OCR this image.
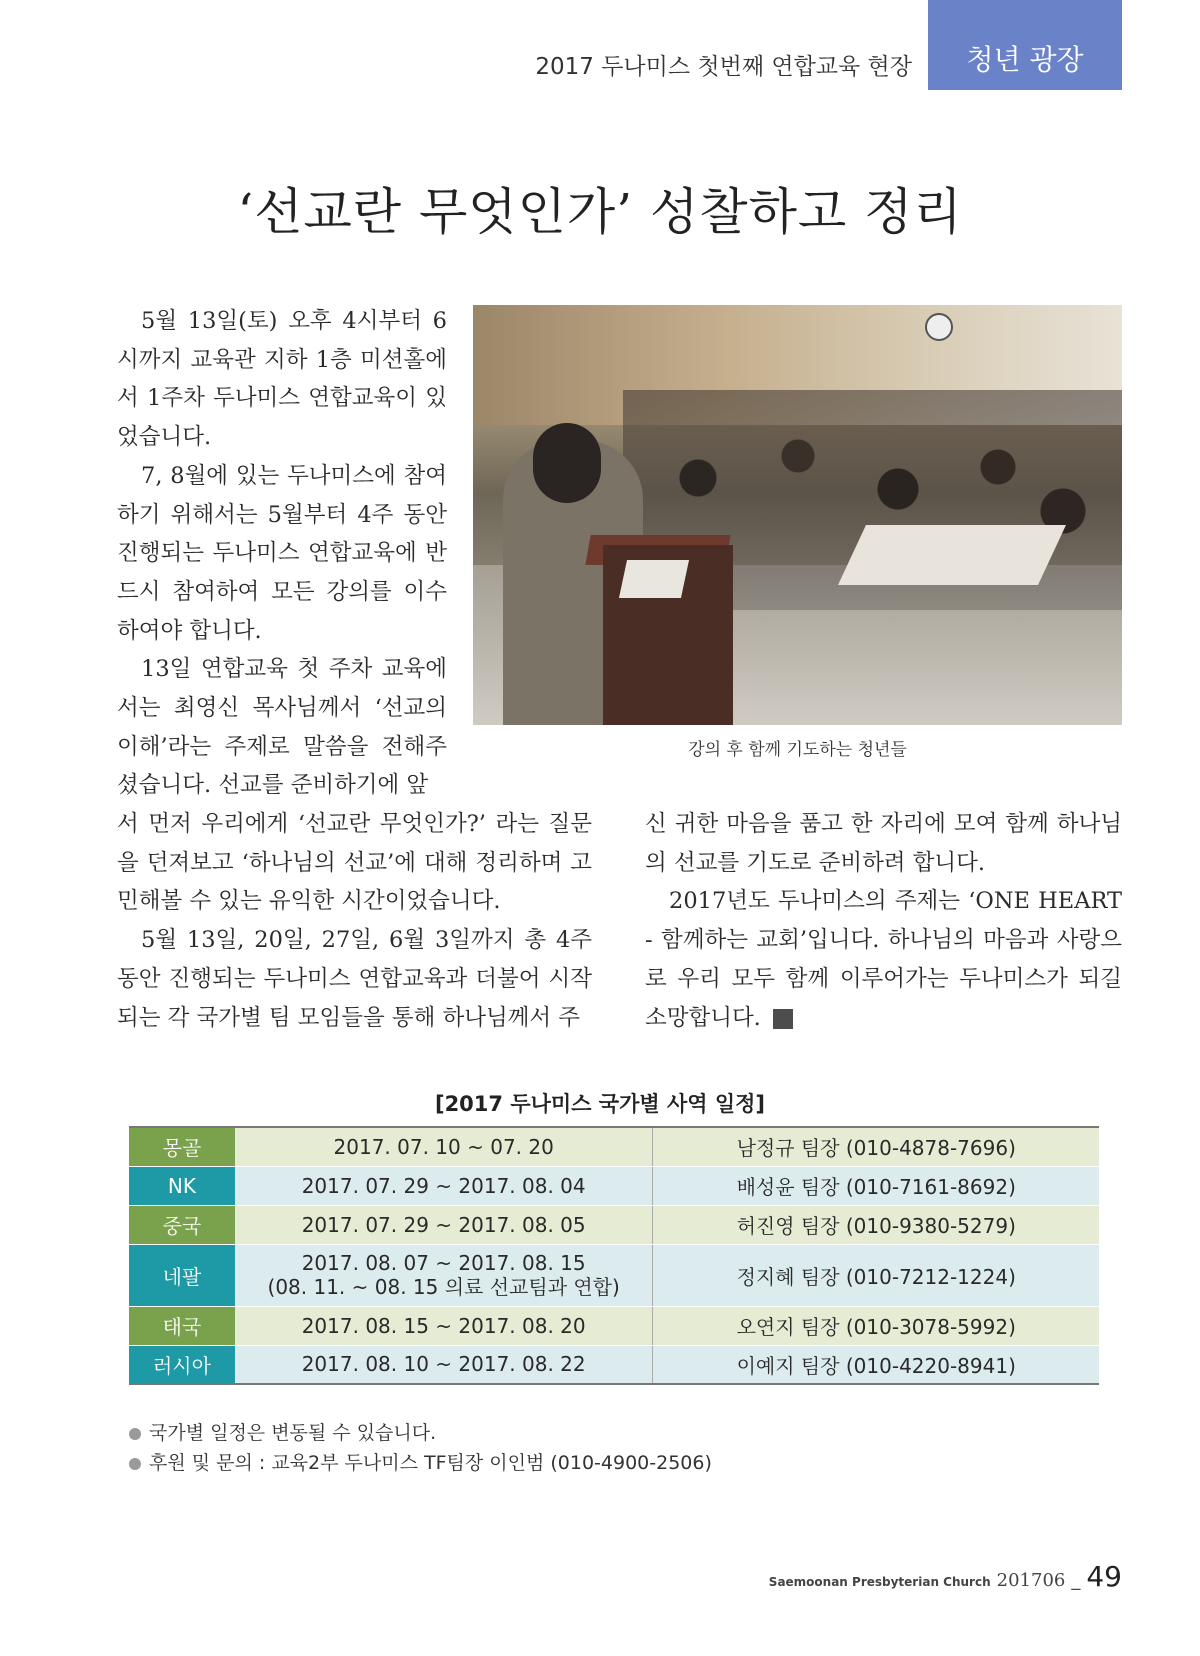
2017 두나미스 첫번째 연합교육 현장 청년 광장
‘선교란 무엇인가’ 성찰하고 정리

5월 13일(토) 오후 4시부터 6시까지 교육관 지하 1층 미션홀에서 1주차 두나미스 연합교육이 있었습니다.

7, 8월에 있는 두나미스에 참여하기 위해서는 5월부터 4주 동안 진행되는 두나미스 연합교육에 반드시 참여하여 모든 강의를 이수하여야 합니다.

13일 연합교육 첫 주차 교육에서는 최영신 목사님께서 ‘선교의 이해’라는 주제로 말씀을 전해주셨습니다. 선교를 준비하기에 앞

강의 후 함께 기도하는 청년들

서 먼저 우리에게 ‘선교란 무엇인가?’ 라는 질문을 던져보고 ‘하나님의 선교’에 대해 정리하며 고민해볼 수 있는 유익한 시간이었습니다.

5월 13일, 20일, 27일, 6월 3일까지 총 4주 동안 진행되는 두나미스 연합교육과 더불어 시작되는 각 국가별 팀 모임들을 통해 하나님께서 주

신 귀한 마음을 품고 한 자리에 모여 함께 하나님의 선교를 기도로 준비하려 합니다.

2017년도 두나미스의 주제는 ‘ONE HEART - 함께하는 교회’입니다. 하나님의 마음과 사랑으로 우리 모두 함께 이루어가는 두나미스가 되길 소망합니다.	새

[2017 두나미스 국가별 사역 일정]
몽골	2017. 07. 10 ~ 07. 20	남정규 팀장 (010-4878-7696)
NK	2017. 07. 29 ~ 2017. 08. 04	배성윤 팀장 (010-7161-8692)
중국	2017. 07. 29 ~ 2017. 08. 05	허진영 팀장 (010-9380-5279)
네팔	2017. 08. 07 ~ 2017. 08. 15
(08. 11. ~ 08. 15 의료 선교팀과 연합)	정지혜 팀장 (010-7212-1224)
태국	2017. 08. 15 ~ 2017. 08. 20	오연지 팀장 (010-3078-5992)
러시아	2017. 08. 10 ~ 2017. 08. 22	이예지 팀장 (010-4220-8941)
국가별 일정은 변동될 수 있습니다.
후원 및 문의 : 교육2부 두나미스 TF팀장 이인범 (010-4900-2506)
Saemoonan Presbyterian Church 201706 _ 49
